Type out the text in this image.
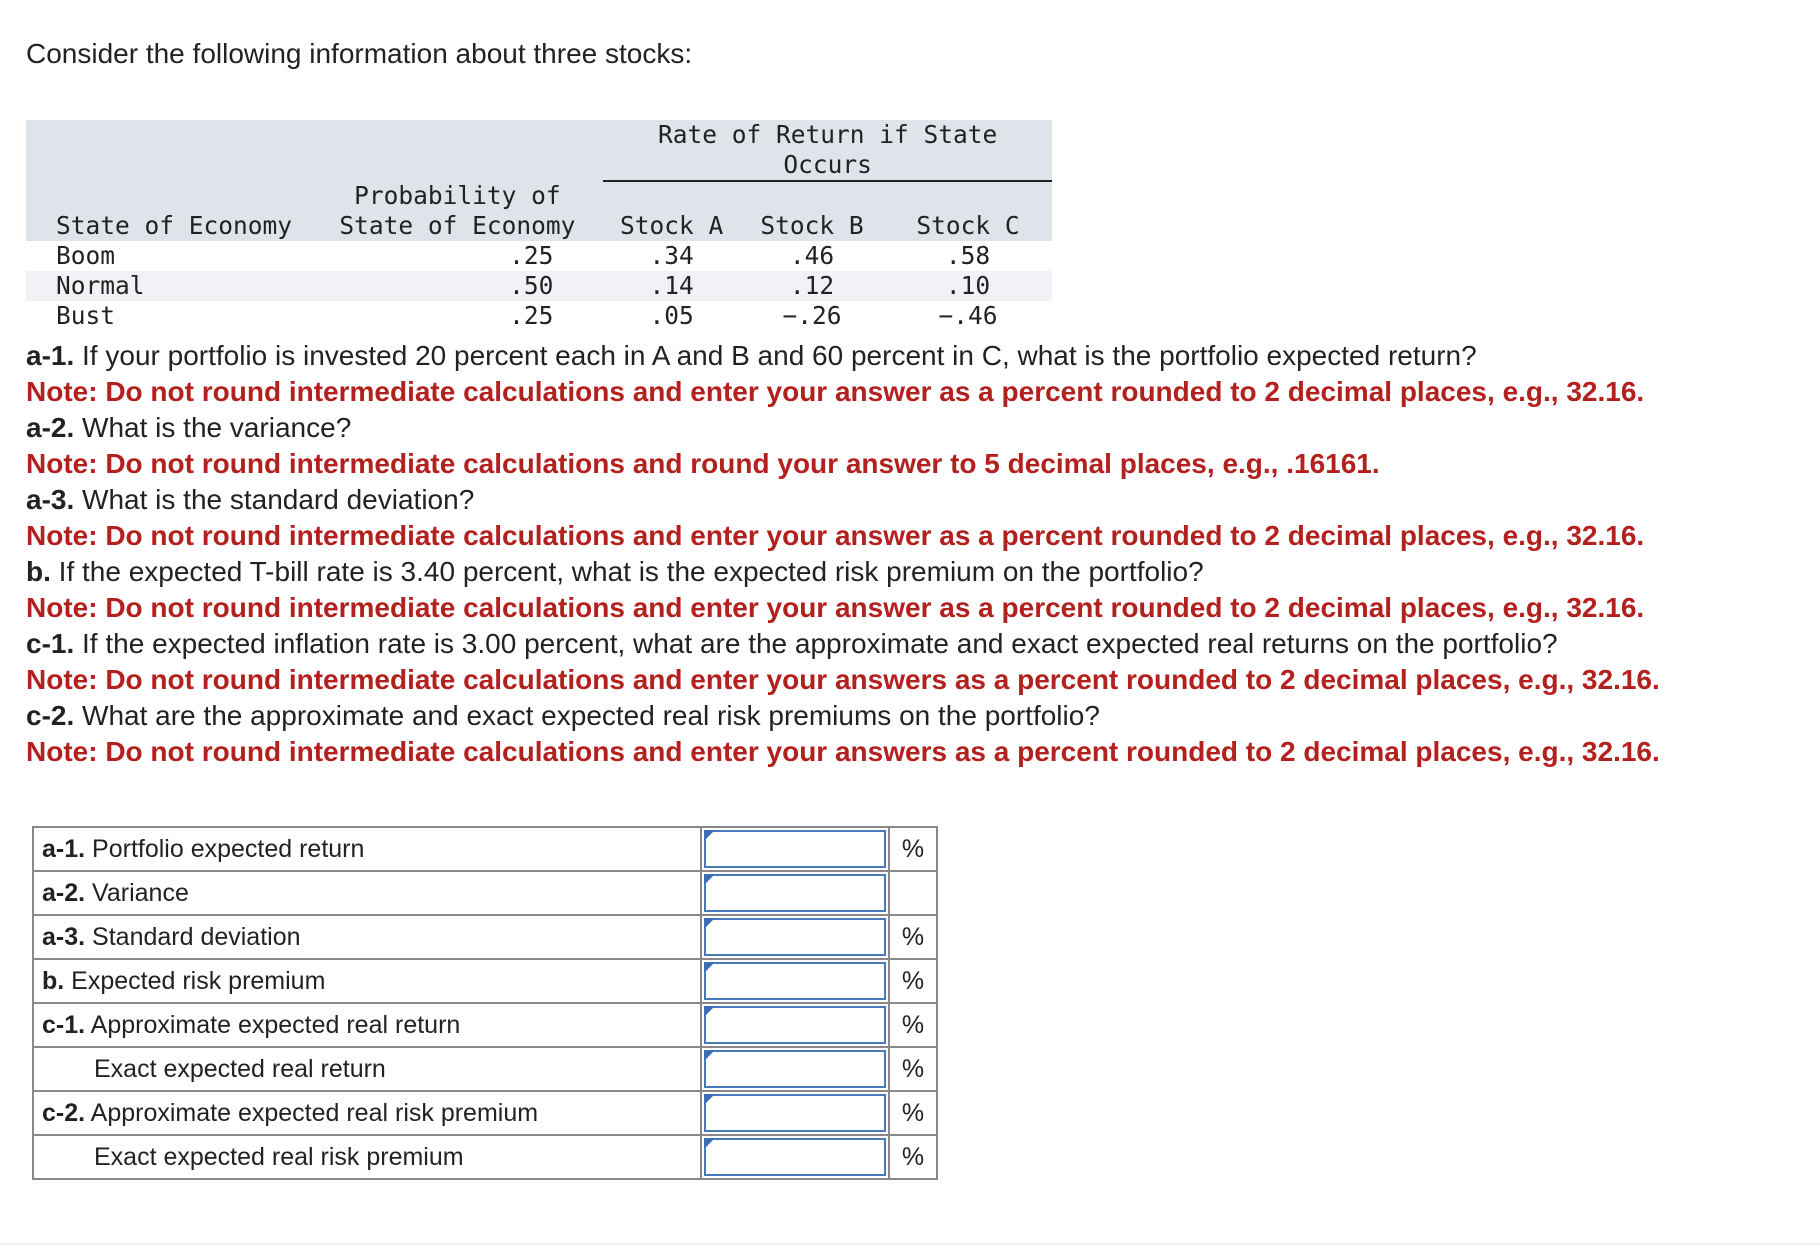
Consider the following information about three stocks:

		Rate of Return if State
Occurs		
State of Economy	Probability of
State of Economy	Stock A	Stock B	Stock C
Boom	.25	.34	.46	.58
Normal	.50	.14	.12	.10
Bust	.25	.05	−.26	−.46

a-1. If your portfolio is invested 20 percent each in A and B and 60 percent in C, what is the portfolio expected return?

Note: Do not round intermediate calculations and enter your answer as a percent rounded to 2 decimal places, e.g., 32.16.

a-2. What is the variance?

Note: Do not round intermediate calculations and round your answer to 5 decimal places, e.g., .16161.

a-3. What is the standard deviation?

Note: Do not round intermediate calculations and enter your answer as a percent rounded to 2 decimal places, e.g., 32.16.

b. If the expected T-bill rate is 3.40 percent, what is the expected risk premium on the portfolio?

Note: Do not round intermediate calculations and enter your answer as a percent rounded to 2 decimal places, e.g., 32.16.

c-1. If the expected inflation rate is 3.00 percent, what are the approximate and exact expected real returns on the portfolio?

Note: Do not round intermediate calculations and enter your answers as a percent rounded to 2 decimal places, e.g., 32.16.

c-2. What are the approximate and exact expected real risk premiums on the portfolio?

Note: Do not round intermediate calculations and enter your answers as a percent rounded to 2 decimal places, e.g., 32.16.

a-1. Portfolio expected return		%
a-2. Variance	

a-3. Standard deviation		%
b. Expected risk premium		%
c-1. Approximate expected real return		%
Exact expected real return		%
c-2. Approximate expected real risk premium		%
Exact expected real risk premium		%
